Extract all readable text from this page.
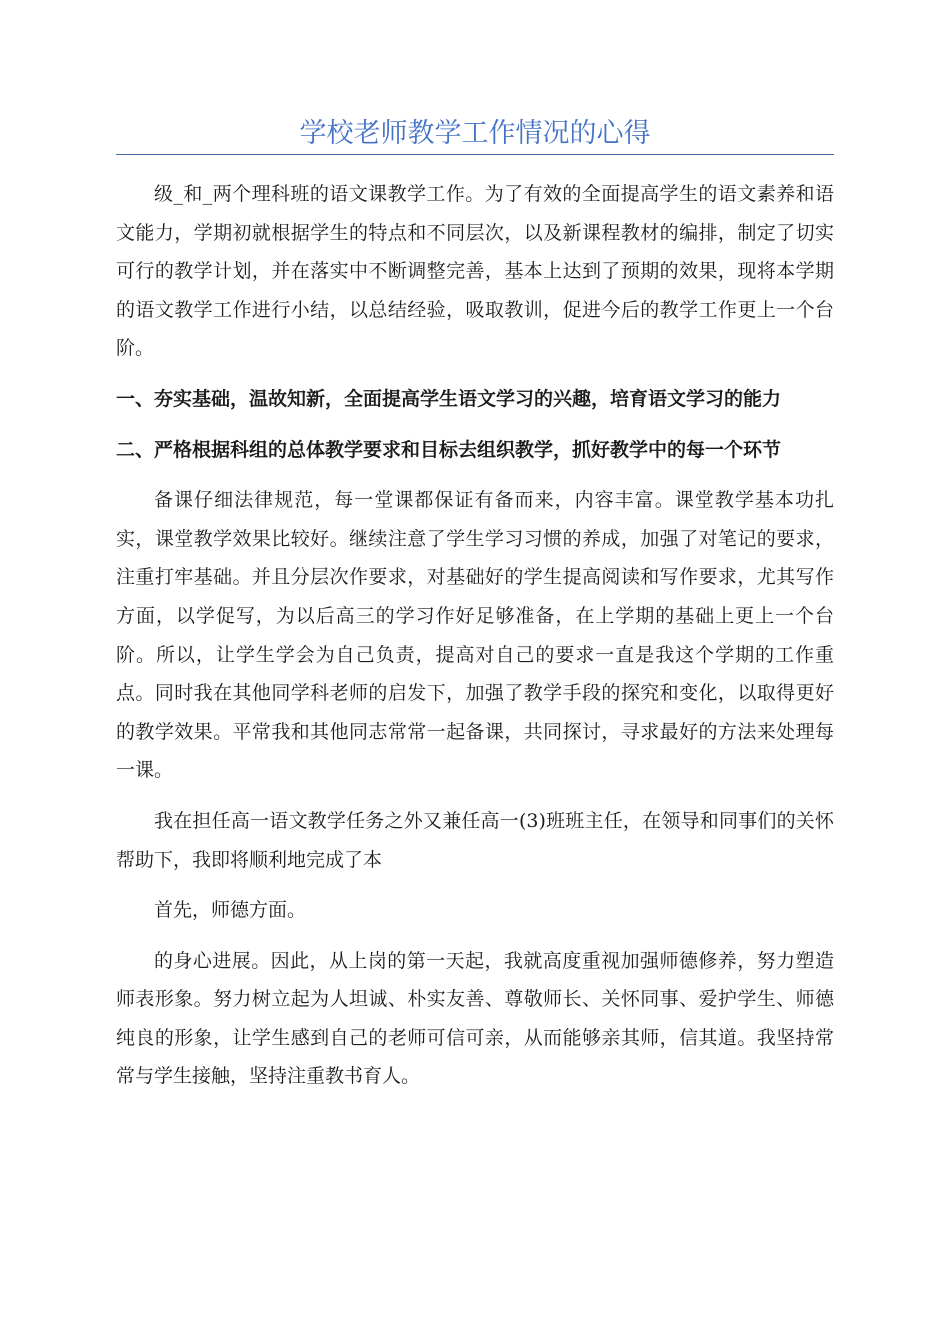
学校老师教学工作情况的心得

级_和_两个理科班的语文课教学工作。为了有效的全面提高学生的语文素养和语文能力，学期初就根据学生的特点和不同层次，以及新课程教材的编排，制定了切实可行的教学计划，并在落实中不断调整完善，基本上达到了预期的效果，现将本学期的语文教学工作进行小结，以总结经验，吸取教训，促进今后的教学工作更上一个台阶。

一、夯实基础，温故知新，全面提高学生语文学习的兴趣，培育语文学习的能力

二、严格根据科组的总体教学要求和目标去组织教学，抓好教学中的每一个环节

备课仔细法律规范，每一堂课都保证有备而来，内容丰富。课堂教学基本功扎实，课堂教学效果比较好。继续注意了学生学习习惯的养成，加强了对笔记的要求，注重打牢基础。并且分层次作要求，对基础好的学生提高阅读和写作要求，尤其写作方面，以学促写，为以后高三的学习作好足够准备，在上学期的基础上更上一个台阶。所以，让学生学会为自己负责，提高对自己的要求一直是我这个学期的工作重点。同时我在其他同学科老师的启发下，加强了教学手段的探究和变化，以取得更好的教学效果。平常我和其他同志常常一起备课，共同探讨，寻求最好的方法来处理每一课。

我在担任高一语文教学任务之外又兼任高一(3)班班主任，在领导和同事们的关怀帮助下，我即将顺利地完成了本

首先，师德方面。

的身心进展。因此，从上岗的第一天起，我就高度重视加强师德修养，努力塑造师表形象。努力树立起为人坦诚、朴实友善、尊敬师长、关怀同事、爱护学生、师德纯良的形象，让学生感到自己的老师可信可亲，从而能够亲其师，信其道。我坚持常常与学生接触，坚持注重教书育人。
